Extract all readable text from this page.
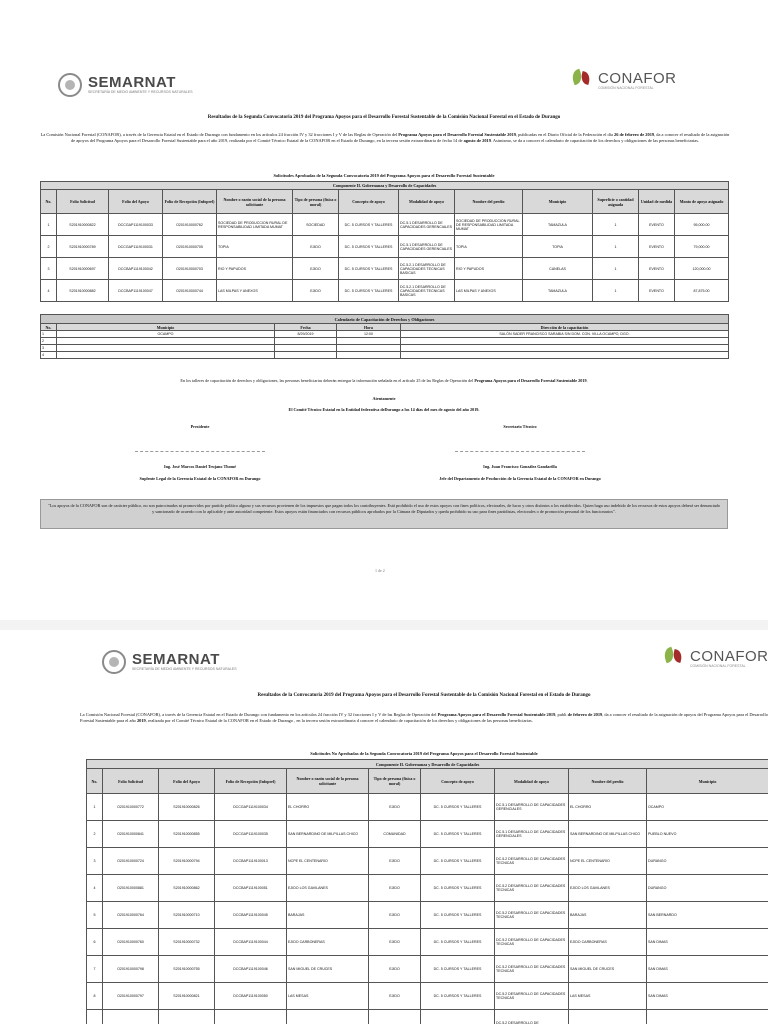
SEMARNAT
SECRETARÍA DE MEDIO AMBIENTE Y RECURSOS NATURALES
CONAFOR
COMISIÓN NACIONAL FORESTAL
Resultados de la Segunda Convocatoria 2019 del Programa Apoyos para el Desarrollo Forestal Sustentable de la Comisión Nacional Forestal en el Estado de Durango
La Comisión Nacional Forestal (CONAFOR), a través de la Gerencia Estatal en el Estado de Durango con fundamento en los artículos 24 fracción IV y 32 fracciones I y V de las Reglas de Operación del Programa Apoyos para el Desarrollo Forestal Sustentable 2019, publicadas en el Diario Oficial de la Federación el día 26 de febrero de 2019, da a conocer el resultado de la asignación de apoyos del Programa Apoyos para el Desarrollo Forestal Sustentable para el año 2019, realizada por el Comité Técnico Estatal de la CONAFOR en el Estado de Durango, en la tercera sesión extraordinaria de fecha 14 de agosto de 2019. Asimismo, se da a conocer el calendario de capacitación de los derechos y obligaciones de las personas beneficiarias.
Solicitudes Aprobadas de la Segunda Convocatoria 2019 del Programa Apoyos para el Desarrollo Forestal Sustentable
Componente II. Gobernanza y Desarrollo de Capacidades												
No.	Folio Solicitud	Folio del Apoyo	Folio de Recepción (Infoprel)	Nombre o razón social de la persona solicitante	Tipo de persona (física o moral)	Concepto de apoyo	Modalidad de apoyo	Nombre del predio	Municipio	Superficie o cantidad asignada	Unidad de medida	Monto de apoyo asignado
1	S201910000822	DCCGAP1119100033	O201910000762	SOCIEDAD DE PRODUCCION RURAL DE RESPONSABILIDAD LIMITADA MUMAT	SOCIEDAD	DC. 5 CURSOS Y TALLERES	DC.5.1 DESARROLLO DE CAPACIDADES GERENCIALES	SOCIEDAD DE PRODUCCION RURAL DE RESPONSABILIDAD LIMITADA MUMAT	TAMAZULA	1	EVENTO	95,000.00
2	S201910000789	DCCGAP1119100031	O201910000705	TOPIA	EJIDO	DC. 5 CURSOS Y TALLERES	DC.5.1 DESARROLLO DE CAPACIDADES GERENCIALES	TOPIA	TOPIA	1	EVENTO	79,000.00
3	S201910000697	DCCBAP1119100042	O201910000703	RIO Y PAPUDOS	EJIDO	DC. 5 CURSOS Y TALLERES	DC.5.2.1 DESARROLLO DE CAPACIDADES TECNICAS BASICAS	RIO Y PAPUDOS	CANELAS	1	EVENTO	120,000.00
4	S201910000882	DCCBAP1119100047	O201910000744	LAS MILPAS Y ANEXOS	EJIDO	DC. 5 CURSOS Y TALLERES	DC.5.2.1 DESARROLLO DE CAPACIDADES TECNICAS BASICAS	LAS MILPAS Y ANEXOS	TAMAZULA	1	EVENTO	87,875.00
Calendario de Capacitación de Derechos y Obligaciones				
No.	Municipio	Fecha	Hora	Dirección de la capacitación
1	OCAMPO	8/29/2019	12:00	SALÓN SADER FRANCISCO SARABIA S/N DOM. CON. VILLA OCAMPO, DGO.
2				
3				
4				
En los talleres de capacitación de derechos y obligaciones, las personas beneficiarias deberán entregar la información señalada en el artículo 25 de las Reglas de Operación del Programa Apoyos para el Desarrollo Forestal Sustentable 2019.
Atentamente
El Comité Técnico Estatal en la Entidad federativa deDurango a los 14 días del mes de agosto del año 2019.
Presidente	Secretario Técnico
Ing. José Marcos Daniel Trujano Thomé
Suplente Legal de la Gerencia Estatal de la CONAFOR en Durango
Ing. Juan Francisco González Gandarilla
Jefe del Departamento de Producción de la Gerencia Estatal de la CONAFOR en Durango
"Los apoyos de la CONAFOR son de carácter público, no son patrocinados ni promovidos por partido político alguno y sus recursos provienen de los impuestos que pagan todos los contribuyentes. Está prohibido el uso de estos apoyos con fines políticos, electorales, de lucro y otros distintos a los establecidos. Quien haga uso indebido de los recursos de estos apoyos deberá ser denunciado y sancionado de acuerdo con lo aplicable y ante autoridad competente. Estos apoyos están financiados con recursos públicos aprobados por la Cámara de Diputados y queda prohibido su uso para fines partidistas, electorales o de promoción personal de los funcionarios".
1 de 2
SEMARNAT
SECRETARÍA DE MEDIO AMBIENTE Y RECURSOS NATURALES
CONAFOR
COMISIÓN NACIONAL FORESTAL
Resultados de la Convocatoria 2019 del Programa Apoyos para el Desarrollo Forestal Sustentable de la Comisión Nacional Forestal en el Estado de Durango
La Comisión Nacional Forestal (CONAFOR), a través de la Gerencia Estatal en el Estado de Durango con fundamento en los artículos 24 fracción IV y 32 fracciones I y V de las Reglas de Operación del Programa Apoyos para el Desarrollo Forestal Sustentable 2019, publi de febrero de 2019, da a conocer el resultado de la asignación de apoyos del Programa Apoyos para el Desarrollo Forestal Sustentable para el año 2019, realizada por el Comité Técnico Estatal de la CONAFOR en el Estado de Durango , en la tercera sesión extraordinaria d conocer el calendario de capacitación de los derechos y obligaciones de las personas beneficiarias.
Solicitudes No Aprobadas de la Segunda Convocatoria 2019 del Programa Apoyos para el Desarrollo Forestal Sustentable
Componente II. Gobernanza y Desarrollo de Capacidades									
No.	Folio Solicitud	Folio del Apoyo	Folio de Recepción (Infoprel)	Nombre o razón social de la persona solicitante	Tipo de persona (física o moral)	Concepto de apoyo	Modalidad de apoyo	Nombre del predio	Municipio
1	O201910000772	S201910000826	DCCGAP1119100034	EL CHORRO	EJIDO	DC. 5 CURSOS Y TALLERES	DC.5.1 DESARROLLO DE CAPACIDADES GERENCIALES	EL CHORRO	OCAMPO
2	O201910000841	S201910000855	DCCGAP1119100035	SAN BERNARDINO DE MILPILLAS CHICO	COMUNIDAD	DC. 5 CURSOS Y TALLERES	DC.5.1 DESARROLLO DE CAPACIDADES GERENCIALES	SAN BERNARDINO DE MILPILLAS CHICO	PUEBLO NUEVO
3	O201910000724	S201910000794	DCCBAP1119100013	NCPE EL CENTENARIO	EJIDO	DC. 5 CURSOS Y TALLERES	DC.5.2 DESARROLLO DE CAPACIDADES TECNICAS	NCPE EL CENTENARIO	DURANGO
4	O201910000881	S201910000862	DCCBAP1119100051	EJIDO LOS GAVILANES	EJIDO	DC. 5 CURSOS Y TALLERES	DC.5.2 DESARROLLO DE CAPACIDADES TECNICAS	EJIDO LOS GAVILANES	DURANGO
5	O201910000764	S201910000710	DCCBAP1119100045	BARAJAS	EJIDO	DC. 5 CURSOS Y TALLERES	DC.5.2 DESARROLLO DE CAPACIDADES TECNICAS	BARAJAS	SAN BERNARDO
6	O201910000760	S201910000732	DCCBAP1119100044	EJIDO CARBONERAS	EJIDO	DC. 5 CURSOS Y TALLERES	DC.5.2 DESARROLLO DE CAPACIDADES TECNICAS	EJIDO CARBONERAS	SAN DIMAS
7	O201910000798	S201910000755	DCCBAP1119100046	SAN MIGUEL DE CRUCES	EJIDO	DC. 5 CURSOS Y TALLERES	DC.5.2 DESARROLLO DE CAPACIDADES TECNICAS	SAN MIGUEL DE CRUCES	SAN DIMAS
8	O201910000797	S201910000821	DCCBAP1119100050	LAS MESAS	EJIDO	DC. 5 CURSOS Y TALLERES	DC.5.2 DESARROLLO DE CAPACIDADES TECNICAS	LAS MESAS	SAN DIMAS
							DC.5.2 DESARROLLO DE		
